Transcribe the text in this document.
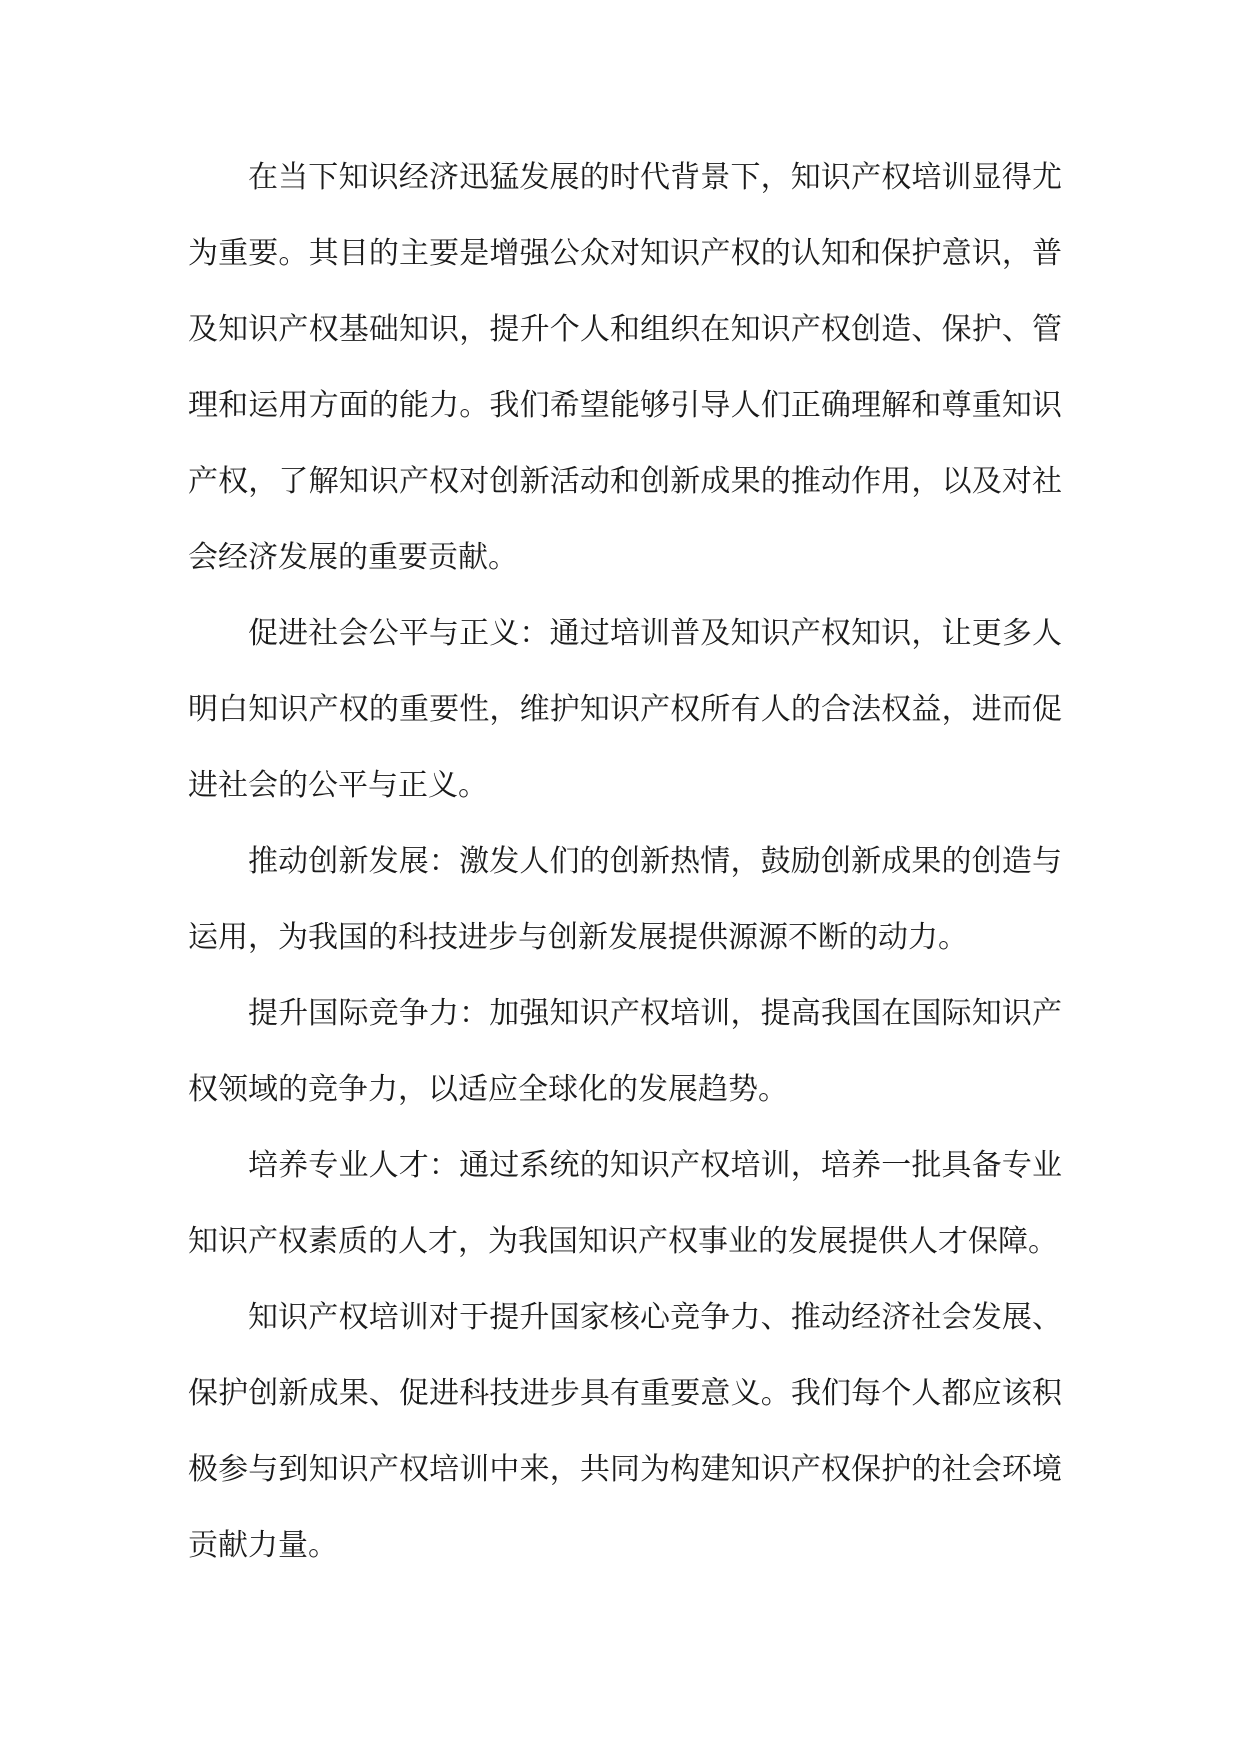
在当下知识经济迅猛发展的时代背景下，知识产权培训显得尤为重要。其目的主要是增强公众对知识产权的认知和保护意识，普及知识产权基础知识，提升个人和组织在知识产权创造、保护、管理和运用方面的能力。我们希望能够引导人们正确理解和尊重知识产权，了解知识产权对创新活动和创新成果的推动作用，以及对社会经济发展的重要贡献。

促进社会公平与正义：通过培训普及知识产权知识，让更多人明白知识产权的重要性，维护知识产权所有人的合法权益，进而促进社会的公平与正义。

推动创新发展：激发人们的创新热情，鼓励创新成果的创造与运用，为我国的科技进步与创新发展提供源源不断的动力。

提升国际竞争力：加强知识产权培训，提高我国在国际知识产权领域的竞争力，以适应全球化的发展趋势。

培养专业人才：通过系统的知识产权培训，培养一批具备专业知识产权素质的人才，为我国知识产权事业的发展提供人才保障。

知识产权培训对于提升国家核心竞争力、推动经济社会发展、保护创新成果、促进科技进步具有重要意义。我们每个人都应该积极参与到知识产权培训中来，共同为构建知识产权保护的社会环境贡献力量。
